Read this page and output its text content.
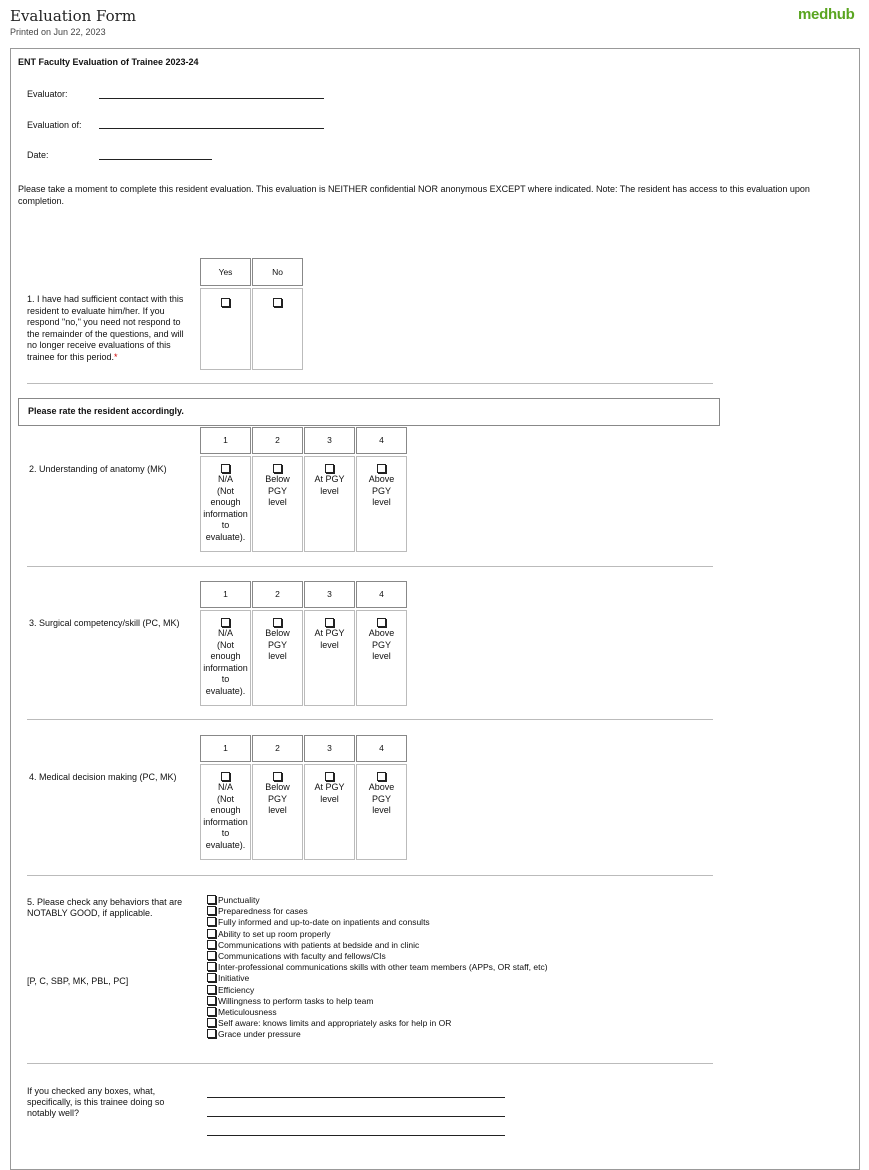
Evaluation Form
Printed on Jun 22, 2023
medhub
ENT Faculty Evaluation of Trainee 2023-24
Evaluator:
Evaluation of:
Date:
Please take a moment to complete this resident evaluation. This evaluation is NEITHER confidential NOR anonymous EXCEPT where indicated. Note: The resident has access to this evaluation upon completion.
Yes	No
1. I have had sufficient contact with this resident to evaluate him/her. If you respond "no," you need not respond to the remainder of the questions, and will no longer receive evaluations of this trainee for this period.*
Please rate the resident accordingly.
2. Understanding of anatomy (MK)
1
N/A
(Not
enough
information
to
evaluate).
2
Below
PGY
level
3
At PGY
level
4
Above
PGY
level
3. Surgical competency/skill (PC, MK)
1
N/A
(Not
enough
information
to
evaluate).
2
Below
PGY
level
3
At PGY
level
4
Above
PGY
level
4. Medical decision making (PC, MK)
1
N/A
(Not
enough
information
to
evaluate).
2
Below
PGY
level
3
At PGY
level
4
Above
PGY
level
5. Please check any behaviors that are
NOTABLY GOOD, if applicable.
[P, C, SBP, MK, PBL, PC]
Punctuality
Preparedness for cases
Fully informed and up-to-date on inpatients and consults
Ability to set up room properly
Communications with patients at bedside and in clinic
Communications with faculty and fellows/CIs
Inter-professional communications skills with other team members (APPs, OR staff, etc)
Initiative
Efficiency
Willingness to perform tasks to help team
Meticulousness
Self aware: knows limits and appropriately asks for help in OR
Grace under pressure
If you checked any boxes, what,
specifically, is this trainee doing so
notably well?
